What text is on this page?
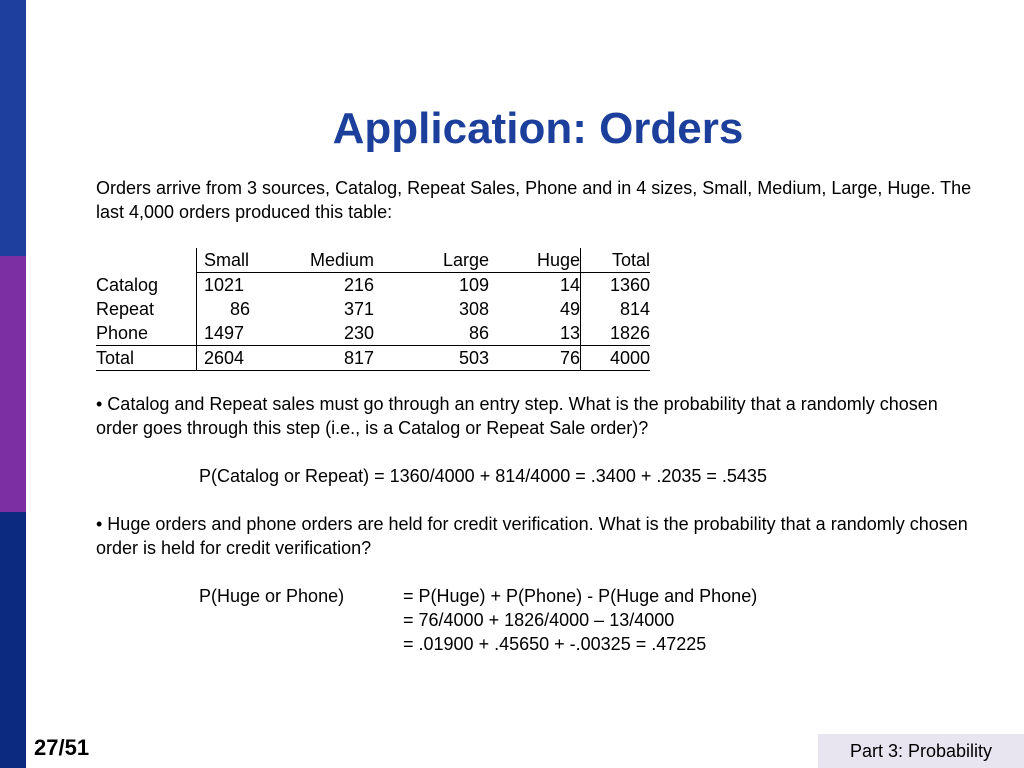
Application: Orders
Orders arrive from 3 sources, Catalog, Repeat Sales, Phone and in 4 sizes, Small, Medium, Large, Huge. The last 4,000 orders produced this table:
	Small	Medium	Large	Huge	Total
Catalog	1021	216	109	14	1360
Repeat	86	371	308	49	814
Phone	1497	230	86	13	1826
Total	2604	817	503	76	4000
• Catalog and Repeat sales must go through an entry step. What is the probability that a randomly chosen order goes through this step (i.e., is a Catalog or Repeat Sale order)?
P(Catalog or Repeat) = 1360/4000 + 814/4000 = .3400 + .2035 = .5435
• Huge orders and phone orders are held for credit verification. What is the probability that a randomly chosen order is held for credit verification?
P(Huge or Phone)	= P(Huge) + P(Phone) - P(Huge and Phone)
= 76/4000 + 1826/4000 – 13/4000
= .01900 + .45650 + -.00325 = .47225
27/51	Part 3: Probability
